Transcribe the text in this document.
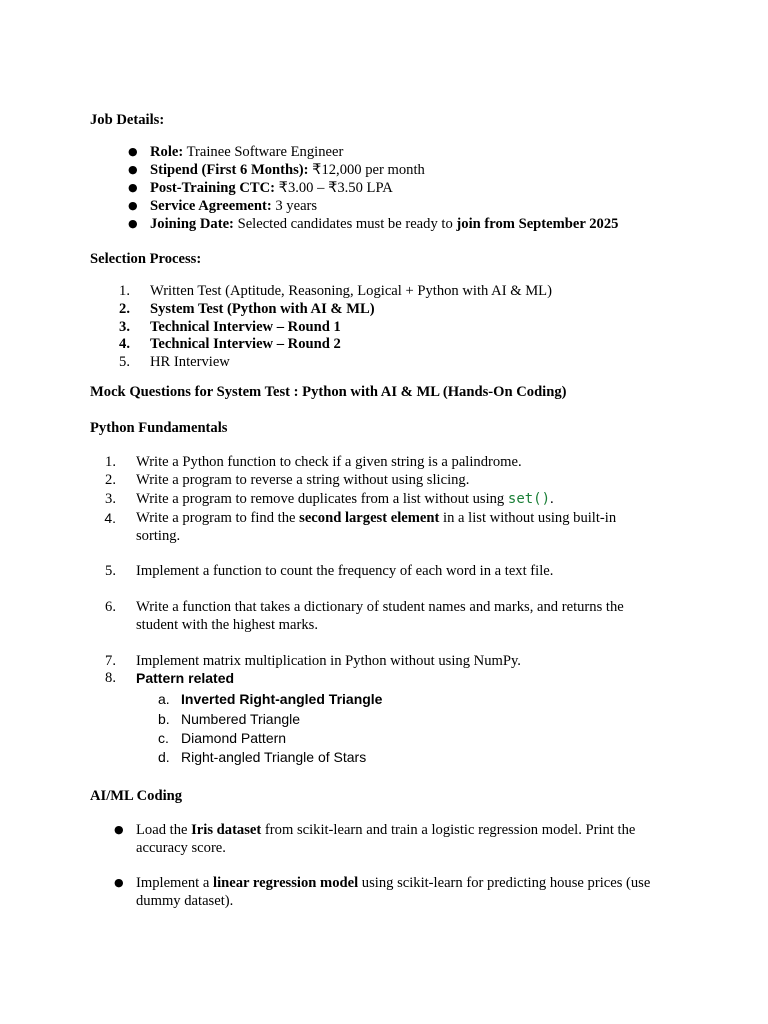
Job Details:
● Role: Trainee Software Engineer
● Stipend (First 6 Months): ₹12,000 per month
● Post-Training CTC: ₹3.00 – ₹3.50 LPA
● Service Agreement: 3 years
● Joining Date: Selected candidates must be ready to join from September 2025
Selection Process:
1. Written Test (Aptitude, Reasoning, Logical + Python with AI & ML)
2. System Test (Python with AI & ML)
3. Technical Interview – Round 1
4. Technical Interview – Round 2
5. HR Interview
Mock Questions for System Test : Python with AI & ML (Hands-On Coding)
Python Fundamentals
1. Write a Python function to check if a given string is a palindrome.
2. Write a program to reverse a string without using slicing.
3. Write a program to remove duplicates from a list without using set().
4. Write a program to find the second largest element in a list without using built-in
sorting.
5. Implement a function to count the frequency of each word in a text file.
6. Write a function that takes a dictionary of student names and marks, and returns the
student with the highest marks.
7. Implement matrix multiplication in Python without using NumPy.
8. Pattern related
a. Inverted Right-angled Triangle
b. Numbered Triangle
c. Diamond Pattern
d. Right-angled Triangle of Stars
AI/ML Coding
● Load the Iris dataset from scikit-learn and train a logistic regression model. Print the
accuracy score.
● Implement a linear regression model using scikit-learn for predicting house prices (use
dummy dataset).
